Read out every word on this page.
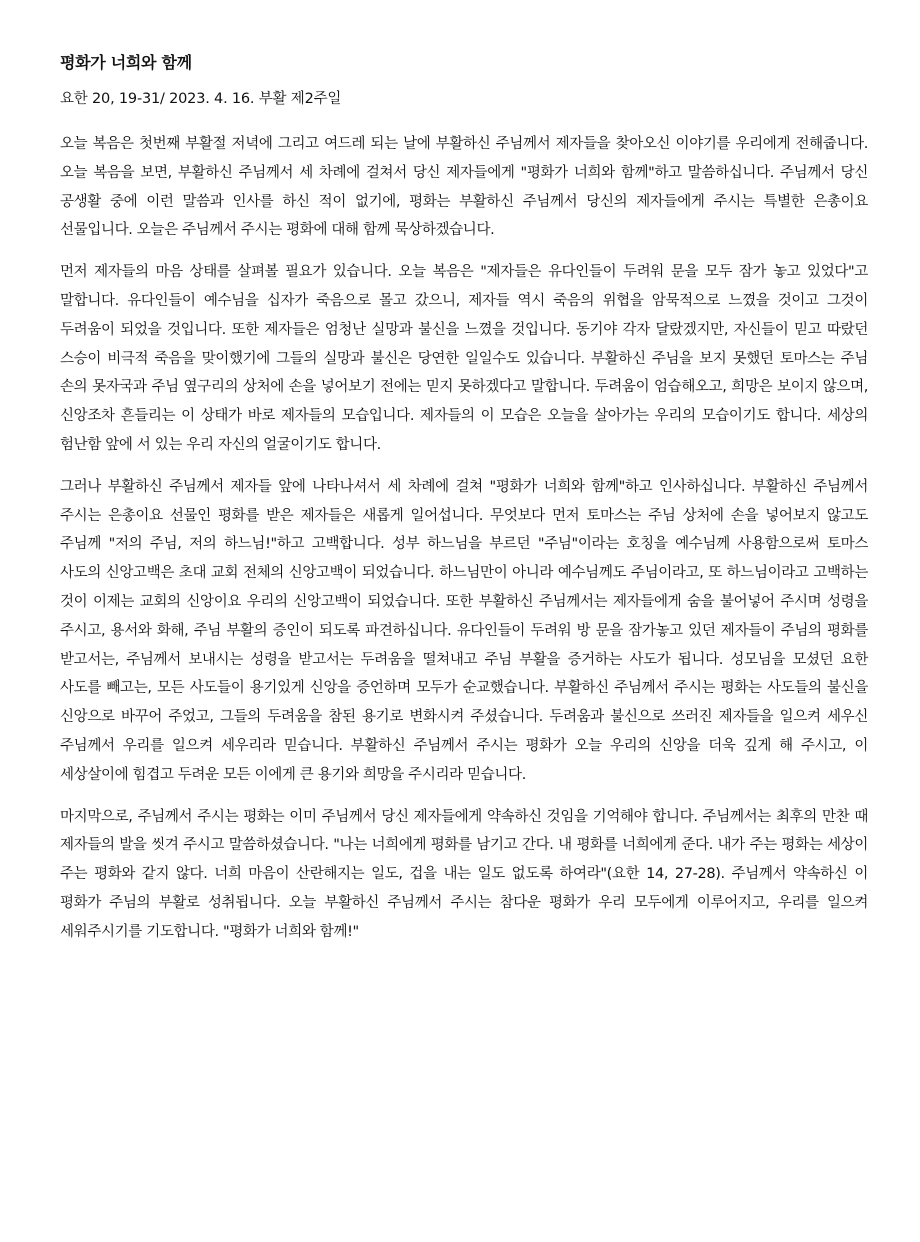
평화가 너희와 함께
요한 20, 19-31/ 2023. 4. 16. 부활 제2주일

오늘 복음은 첫번째 부활절 저녁에 그리고 여드레 되는 날에 부활하신 주님께서 제자들을 찾아오신 이야기를 우리에게 전해줍니다. 오늘 복음을 보면, 부활하신 주님께서 세 차례에 걸쳐서 당신 제자들에게 "평화가 너희와 함께"하고 말씀하십니다. 주님께서 당신 공생활 중에 이런 말씀과 인사를 하신 적이 없기에, 평화는 부활하신 주님께서 당신의 제자들에게 주시는 특별한 은총이요 선물입니다. 오늘은 주님께서 주시는 평화에 대해 함께 묵상하겠습니다.

먼저 제자들의 마음 상태를 살펴볼 필요가 있습니다. 오늘 복음은 "제자들은 유다인들이 두려워 문을 모두 잠가 놓고 있었다"고 말합니다. 유다인들이 예수님을 십자가 죽음으로 몰고 갔으니, 제자들 역시 죽음의 위협을 암묵적으로 느꼈을 것이고 그것이 두려움이 되었을 것입니다. 또한 제자들은 엄청난 실망과 불신을 느꼈을 것입니다. 동기야 각자 달랐겠지만, 자신들이 믿고 따랐던 스승이 비극적 죽음을 맞이했기에 그들의 실망과 불신은 당연한 일일수도 있습니다. 부활하신 주님을 보지 못했던 토마스는 주님 손의 못자국과 주님 옆구리의 상처에 손을 넣어보기 전에는 믿지 못하겠다고 말합니다. 두려움이 엄습해오고, 희망은 보이지 않으며, 신앙조차 흔들리는 이 상태가 바로 제자들의 모습입니다. 제자들의 이 모습은 오늘을 살아가는 우리의 모습이기도 합니다. 세상의 험난함 앞에 서 있는 우리 자신의 얼굴이기도 합니다.

그러나 부활하신 주님께서 제자들 앞에 나타나셔서 세 차례에 걸쳐 "평화가 너희와 함께"하고 인사하십니다. 부활하신 주님께서 주시는 은총이요 선물인 평화를 받은 제자들은 새롭게 일어섭니다. 무엇보다 먼저 토마스는 주님 상처에 손을 넣어보지 않고도 주님께 "저의 주님, 저의 하느님!"하고 고백합니다. 성부 하느님을 부르던 "주님"이라는 호칭을 예수님께 사용함으로써 토마스 사도의 신앙고백은 초대 교회 전체의 신앙고백이 되었습니다. 하느님만이 아니라 예수님께도 주님이라고, 또 하느님이라고 고백하는 것이 이제는 교회의 신앙이요 우리의 신앙고백이 되었습니다. 또한 부활하신 주님께서는 제자들에게 숨을 불어넣어 주시며 성령을 주시고, 용서와 화해, 주님 부활의 증인이 되도록 파견하십니다. 유다인들이 두려워 방 문을 잠가놓고 있던 제자들이 주님의 평화를 받고서는, 주님께서 보내시는 성령을 받고서는 두려움을 떨쳐내고 주님 부활을 증거하는 사도가 됩니다. 성모님을 모셨던 요한 사도를 빼고는, 모든 사도들이 용기있게 신앙을 증언하며 모두가 순교했습니다. 부활하신 주님께서 주시는 평화는 사도들의 불신을 신앙으로 바꾸어 주었고, 그들의 두려움을 참된 용기로 변화시켜 주셨습니다. 두려움과 불신으로 쓰러진 제자들을 일으켜 세우신 주님께서 우리를 일으켜 세우리라 믿습니다. 부활하신 주님께서 주시는 평화가 오늘 우리의 신앙을 더욱 깊게 해 주시고, 이 세상살이에 힘겹고 두려운 모든 이에게 큰 용기와 희망을 주시리라 믿습니다.

마지막으로, 주님께서 주시는 평화는 이미 주님께서 당신 제자들에게 약속하신 것임을 기억해야 합니다. 주님께서는 최후의 만찬 때 제자들의 발을 씻겨 주시고 말씀하셨습니다. "나는 너희에게 평화를 남기고 간다. 내 평화를 너희에게 준다. 내가 주는 평화는 세상이 주는 평화와 같지 않다. 너희 마음이 산란해지는 일도, 겁을 내는 일도 없도록 하여라"(요한 14, 27-28). 주님께서 약속하신 이 평화가 주님의 부활로 성취됩니다. 오늘 부활하신 주님께서 주시는 참다운 평화가 우리 모두에게 이루어지고, 우리를 일으켜 세워주시기를 기도합니다. "평화가 너희와 함께!"
